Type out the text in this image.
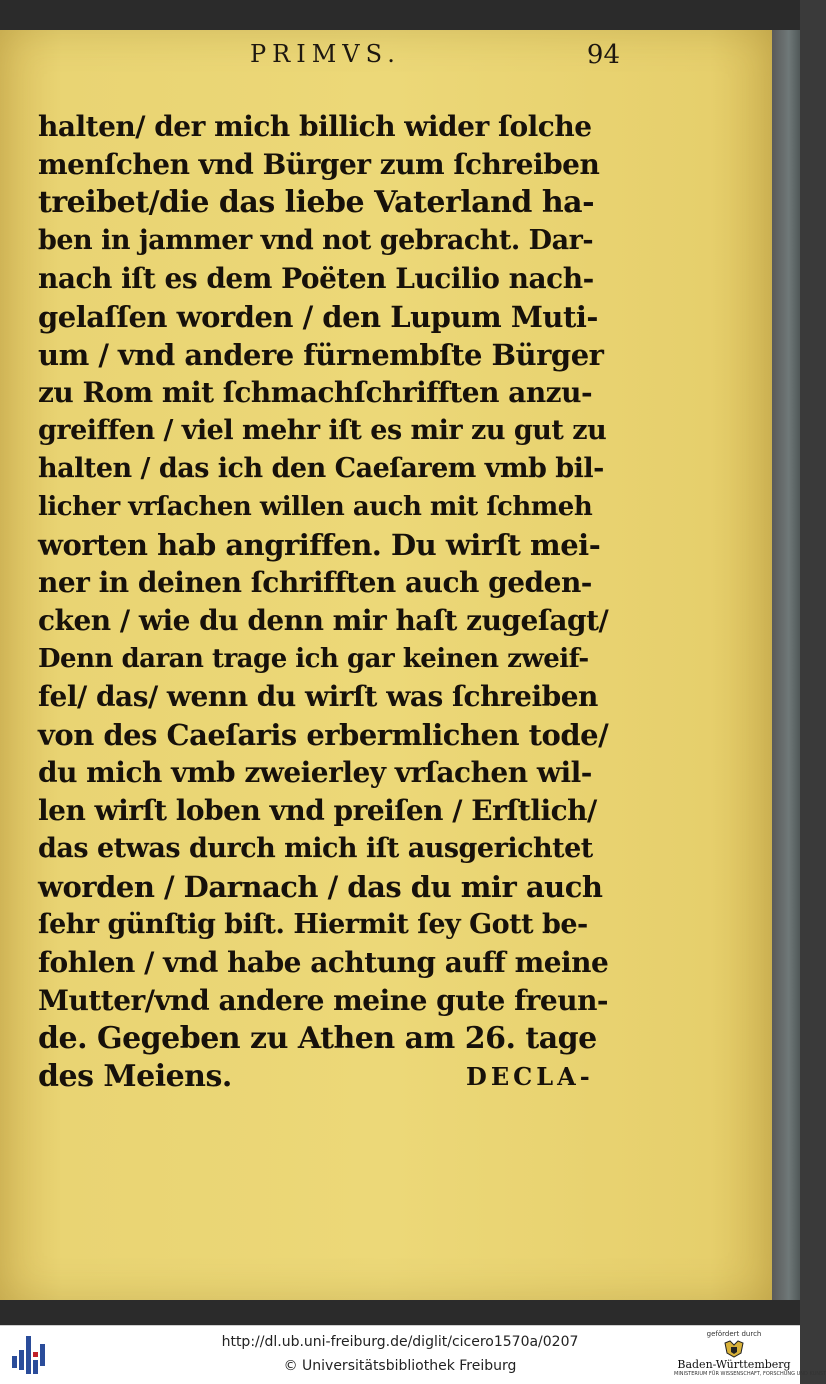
PRIMVS.	94
halten/ der mich billich wider ſolche
menſchen vnd Bürger zum ſchreiben
treibet/die das liebe Vaterland ha-
ben in jammer vnd not gebracht. Dar-
nach iſt es dem Poëten Lucilio nach-
gelaſſen worden / den Lupum Muti-
um / vnd andere fürnembſte Bürger
zu Rom mit ſchmachſchrifften anzu-
greiffen / viel mehr iſt es mir zu gut zu
halten / das ich den Caeſarem vmb bil-
licher vrſachen willen auch mit ſchmeh
worten hab angriffen. Du wirſt mei-
ner in deinen ſchrifften auch geden-
cken / wie du denn mir haſt zugeſagt/
Denn daran trage ich gar keinen zweif-
fel/ das/ wenn du wirſt was ſchreiben
von des Caeſaris erbermlichen tode/
du mich vmb zweierley vrſachen wil-
len wirſt loben vnd preiſen / Erſtlich/
das etwas durch mich iſt ausgerichtet
worden / Darnach / das du mir auch
ſehr günſtig biſt. Hiermit ſey Gott be-
fohlen / vnd habe achtung auff meine
Mutter/vnd andere meine gute freun-
de. Gegeben zu Athen am 26. tage
des Meiens.	DECLA-
http://dl.ub.uni-freiburg.de/diglit/cicero1570a/0207
© Universitätsbibliothek Freiburg
gefördert durch
Baden-Württemberg
MINISTERIUM FÜR WISSENSCHAFT, FORSCHUNG UND KUNST
